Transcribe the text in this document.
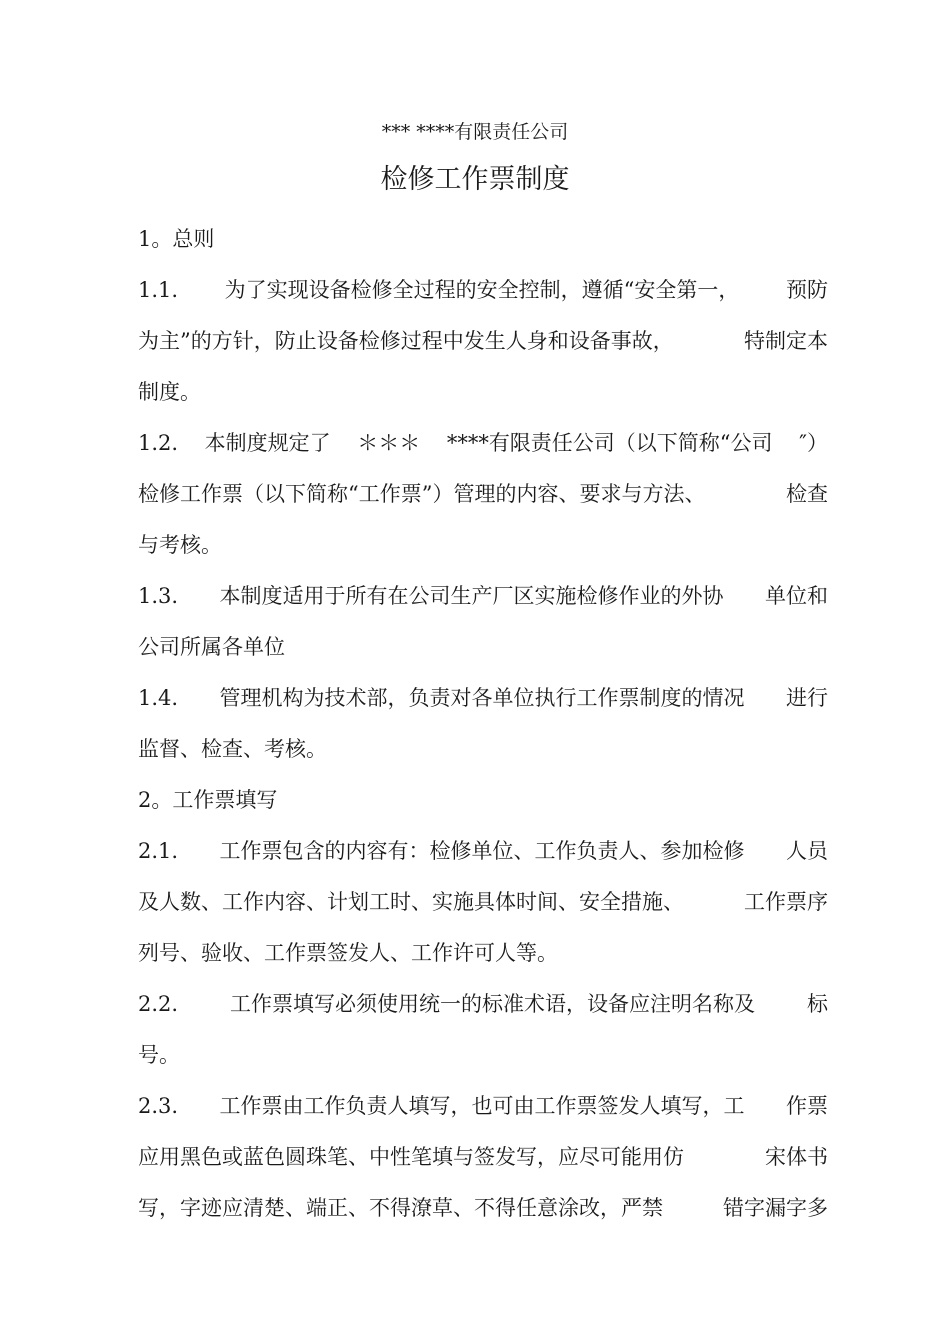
*** ****有限责任公司
检修工作票制度
1。总则
1.1. 为了实现设备检修全过程的安全控制，遵循“安全第一， 预防
为主”的方针，防止设备检修过程中发生人身和设备事故，	特制定本
制度。
1.2. 本制度规定了 ＊＊＊ ****有限责任公司（以下简称“公司 ″）
检修工作票（以下简称“工作票”）管理的内容、要求与方法、	检查
与考核。
1.3. 本制度适用于所有在公司生产厂区实施检修作业的外协 单位和
公司所属各单位
1.4. 管理机构为技术部，负责对各单位执行工作票制度的情况 进行
监督、检查、考核。
2。工作票填写
2.1. 工作票包含的内容有：检修单位、工作负责人、参加检修 人员
及人数、工作内容、计划工时、实施具体时间、安全措施、	工作票序
列号、验收、工作票签发人、工作许可人等。
2.2. 工作票填写必须使用统一的标准术语，设备应注明名称及 标
号。
2.3. 工作票由工作负责人填写，也可由工作票签发人填写，工 作票
应用黑色或蓝色圆珠笔、中性笔填与签发写，应尽可能用仿	宋体书
写，字迹应清楚、端正、不得潦草、不得任意涂改，严禁	错字漏字多
